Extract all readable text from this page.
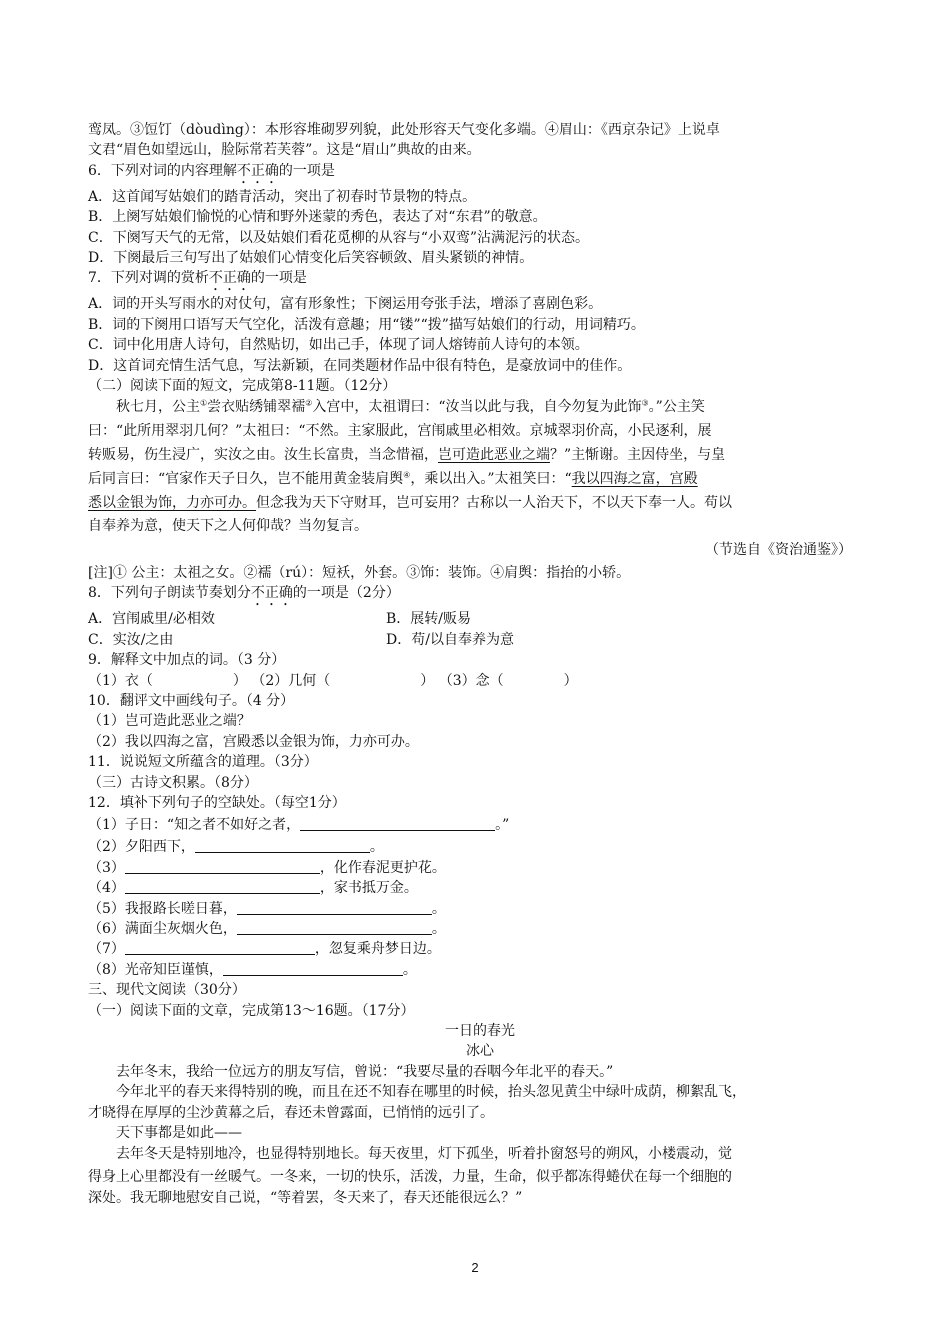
鸾凤。③饾饤（dòudìng）：本形容堆砌罗列貌，此处形容天气变化多端。④眉山：《西京杂记》上说卓
文君“眉色如望远山，脸际常若芙蓉”。这是“眉山”典故的由来。
6．下列对词的内容理解不正确的一项是
A．这首闻写姑娘们的踏青活动，突出了初春时节景物的特点。
B．上阕写姑娘们愉悦的心情和野外迷蒙的秀色，表达了对“东君”的敬意。
C．下阕写天气的无常，以及姑娘们看花觅柳的从容与“小双鸾”沾满泥污的状态。
D．下阕最后三句写出了姑娘们心情变化后笑容顿敛、眉头紧锁的神情。
7．下列对调的赏析不正确的一项是
A．词的开头写雨水的对仗句，富有形象性；下阕运用夸张手法，增添了喜剧色彩。
B．词的下阕用口语写天气空化，活泼有意趣；用“镂”“拨”描写姑娘们的行动，用词精巧。
C．词中化用唐人诗句，自然贴切，如出己手，体现了词人熔铸前人诗句的本领。
D．这首词充情生活气息，写法新颖，在同类题材作品中很有特色，是豪放词中的佳作。
（二）阅读下面的短文，完成第8-11题。（12分）
秋七月，公主①尝衣贴绣铺翠襦②入宫中，太祖谓曰：“汝当以此与我，自今勿复为此饰③。”公主笑
曰：“此所用翠羽几何？”太祖曰：“不然。主家服此，宫闱戚里必相效。京城翠羽价高，小民逐利，展
转贩易，伤生浸广，实汝之由。汝生长富贵，当念惜福，岂可造此恶业之端？”主惭谢。主因侍坐，与皇
后同言曰：“官家作天子日久，岂不能用黄金装肩舆④，乘以出入。”太祖笑曰：“我以四海之富，宫殿
悉以金银为饰，力亦可办。但念我为天下守财耳，岂可妄用？古称以一人治天下，不以天下奉一人。苟以
自奉养为意，使天下之人何仰哉？当勿复言。
（节选自《资治通鉴》）
[注]① 公主：太祖之女。②襦（rú）：短袄，外套。③饰：装饰。④肩舆：指抬的小轿。
8．下列句子朗读节奏划分不正确的一项是（2分）
A．宫闱戚里/必相效	B．展转/贩易
C．实汝/之由	D．苟/以自奉养为意
9．解释文中加点的词。（3 分）
（1）衣（	） （2）几何（	） （3）念（	）
10．翻评文中画线句子。（4 分）
（1）岂可造此恶业之端？
（2）我以四海之富，宫殿悉以金银为饰，力亦可办。
11．说说短文所蕴含的道理。（3分）
（三）古诗文积累。（8分）
12．填补下列句子的空缺处。（每空1分）
（1）子日：“知之者不如好之者，	。”
（2）夕阳西下，	。
（3）	，化作春泥更护花。
（4）	，家书抵万金。
（5）我报路长嗟日暮，	。
（6）满面尘灰烟火色，	。
（7）	，忽复乘舟梦日边。
（8）光帝知臣谨慎，	。
三、现代文阅读（30分）
（一）阅读下面的文章，完成第13～16题。（17分）
一日的春光
冰心
去年冬末，我给一位远方的朋友写信，曾说：“我要尽量的吞咽今年北平的春天。”
今年北平的春天来得特别的晚，而且在还不知春在哪里的时候，抬头忽见黄尘中绿叶成荫，柳絮乱飞，
才晓得在厚厚的尘沙黄幕之后，春还未曾露面，已悄悄的远引了。
天下事都是如此——
去年冬天是特别地冷，也显得特别地长。每天夜里，灯下孤坐，听着扑窗怒号的朔风，小楼震动，觉
得身上心里都没有一丝暖气。一冬来，一切的快乐，活泼，力量，生命，似乎都冻得蜷伏在每一个细胞的
深处。我无聊地慰安自己说，“等着罢，冬天来了，春天还能很远么？”
2
